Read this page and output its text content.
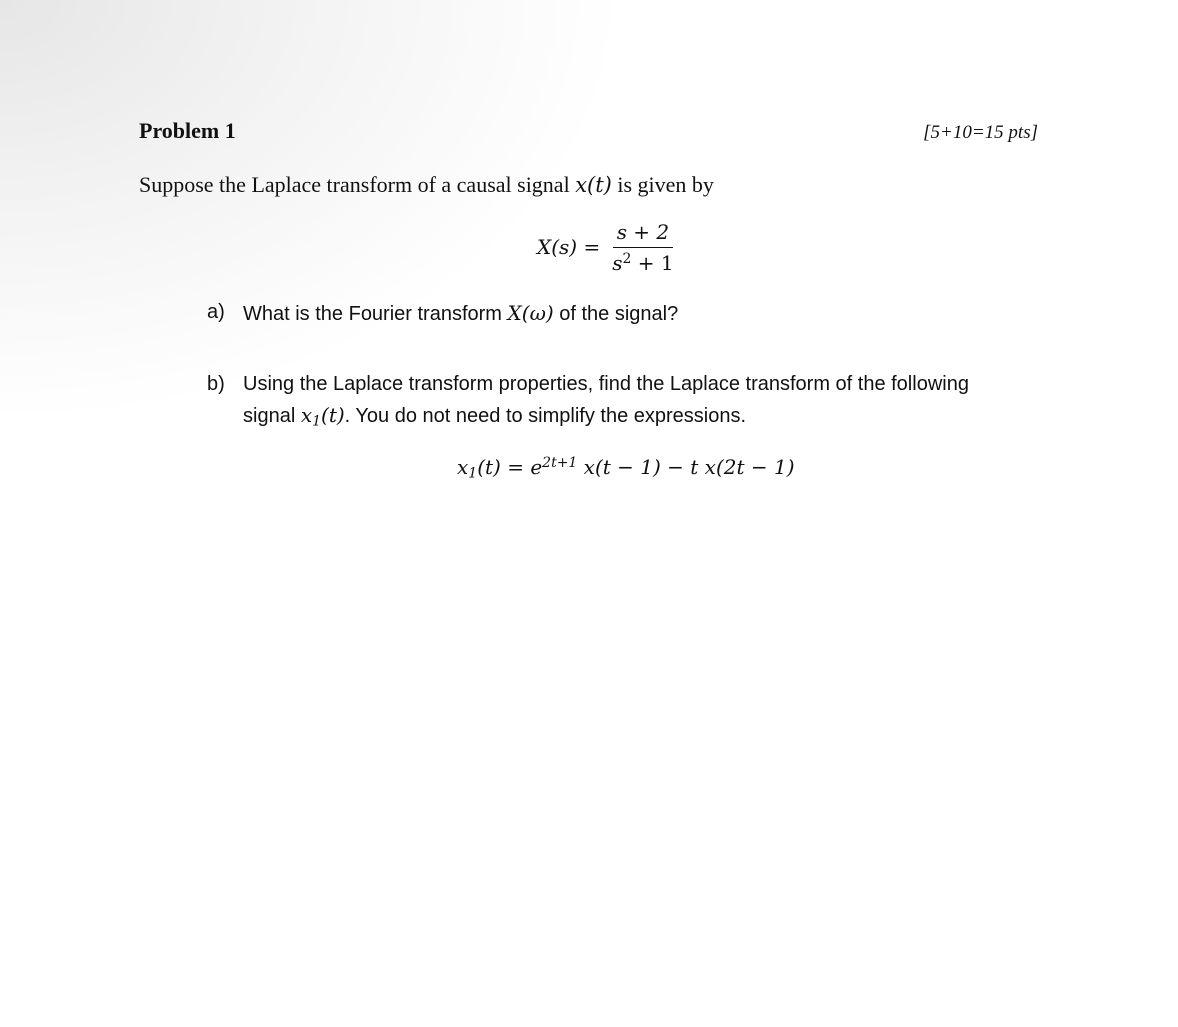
Problem 1	[5+10=15 pts]
Suppose the Laplace transform of a causal signal x(t) is given by
$X(s) = \frac{s + 2}{s^2 + 1}$
a) What is the Fourier transform X(ω) of the signal?
b) Using the Laplace transform properties, find the Laplace transform of the following
signal $x_1(t)$. You do not need to simplify the expressions.
$x_1(t) = e^{2t+1}$ x(t − 1) − t x(2t − 1)
